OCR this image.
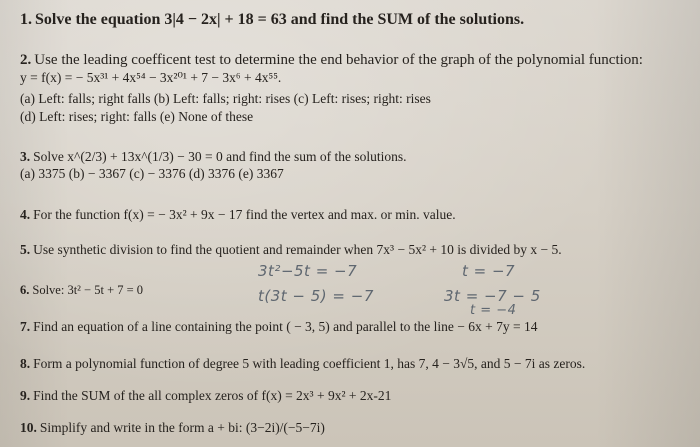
1. Solve the equation 3|4 − 2x| + 18 = 63 and find the SUM of the solutions.
2. Use the leading coefficent test to determine the end behavior of the graph of the polynomial function:
y = f(x) = − 5x³¹ + 4x⁵⁴ − 3x²⁰¹ + 7 − 3x⁶ + 4x⁵⁵.
(a) Left: falls; right falls (b) Left: falls; right: rises (c) Left: rises; right: rises
(d) Left: rises; right: falls (e) None of these
3. Solve x^(2/3) + 13x^(1/3) − 30 = 0 and find the sum of the solutions.
(a) 3375 (b) − 3367 (c) − 3376 (d) 3376 (e) 3367
4. For the function f(x) = − 3x² + 9x − 17 find the vertex and max. or min. value.
5. Use synthetic division to find the quotient and remainder when 7x³ − 5x² + 10 is divided by x − 5.
6. Solve: 3t² − 5t + 7 = 0
3t²−5t = −7
t(3t − 5) = −7
t = −7
3t = −7 − 5
t = −4
7. Find an equation of a line containing the point ( − 3, 5) and parallel to the line − 6x + 7y = 14
8. Form a polynomial function of degree 5 with leading coefficient 1, has 7, 4 − 3√5, and 5 − 7i as zeros.
9. Find the SUM of the all complex zeros of f(x) = 2x³ + 9x² + 2x-21
10. Simplify and write in the form a + bi: (3−2i)/(−5−7i)
